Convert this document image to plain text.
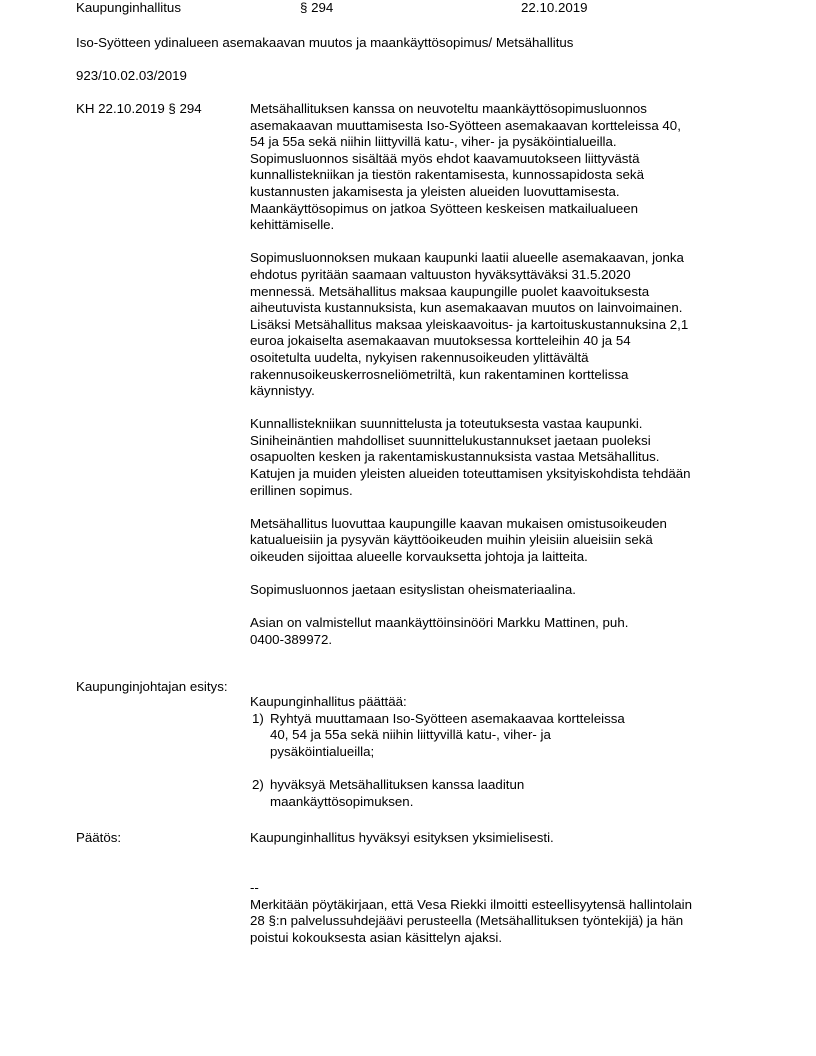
Kaupunginhallitus	§ 294	22.10.2019
Iso-Syötteen ydinalueen asemakaavan muutos ja maankäyttösopimus/ Metsähallitus
923/10.02.03/2019
KH 22.10.2019 § 294	Metsähallituksen kanssa on neuvoteltu maankäyttösopimusluonnos
asemakaavan muuttamisesta Iso-Syötteen asemakaavan kortteleissa 40,
54 ja 55a sekä niihin liittyvillä katu-, viher- ja pysäköintialueilla.
Sopimusluonnos sisältää myös ehdot kaavamuutokseen liittyvästä
kunnallistekniikan ja tiestön rakentamisesta, kunnossapidosta sekä
kustannusten jakamisesta ja yleisten alueiden luovuttamisesta.
Maankäyttösopimus on jatkoa Syötteen keskeisen matkailualueen
kehittämiselle.
Sopimusluonnoksen mukaan kaupunki laatii alueelle asemakaavan, jonka
ehdotus pyritään saamaan valtuuston hyväksyttäväksi 31.5.2020
mennessä. Metsähallitus maksaa kaupungille puolet kaavoituksesta
aiheutuvista kustannuksista, kun asemakaavan muutos on lainvoimainen.
Lisäksi Metsähallitus maksaa yleiskaavoitus- ja kartoituskustannuksina 2,1
euroa jokaiselta asemakaavan muutoksessa kortteleihin 40 ja 54
osoitetulta uudelta, nykyisen rakennusoikeuden ylittävältä
rakennusoikeuskerrosneliömetriltä, kun rakentaminen korttelissa
käynnistyy.
Kunnallistekniikan suunnittelusta ja toteutuksesta vastaa kaupunki.
Siniheinäntien mahdolliset suunnittelukustannukset jaetaan puoleksi
osapuolten kesken ja rakentamiskustannuksista vastaa Metsähallitus.
Katujen ja muiden yleisten alueiden toteuttamisen yksityiskohdista tehdään
erillinen sopimus.
Metsähallitus luovuttaa kaupungille kaavan mukaisen omistusoikeuden
katualueisiin ja pysyvän käyttöoikeuden muihin yleisiin alueisiin sekä
oikeuden sijoittaa alueelle korvauksetta johtoja ja laitteita.
Sopimusluonnos jaetaan esityslistan oheismateriaalina.
Asian on valmistellut maankäyttöinsinööri Markku Mattinen, puh.
0400-389972.
Kaupunginjohtajan esitys:
Kaupunginhallitus päättää:
1) Ryhtyä muuttamaan Iso-Syötteen asemakaavaa kortteleissa
40, 54 ja 55a sekä niihin liittyvillä katu-, viher- ja
pysäköintialueilla;
2) hyväksyä Metsähallituksen kanssa laaditun
maankäyttösopimuksen.
Päätös:	Kaupunginhallitus hyväksyi esityksen yksimielisesti.
--
Merkitään pöytäkirjaan, että Vesa Riekki ilmoitti esteellisyytensä hallintolain
28 §:n palvelussuhdejäävi perusteella (Metsähallituksen työntekijä) ja hän
poistui kokouksesta asian käsittelyn ajaksi.
